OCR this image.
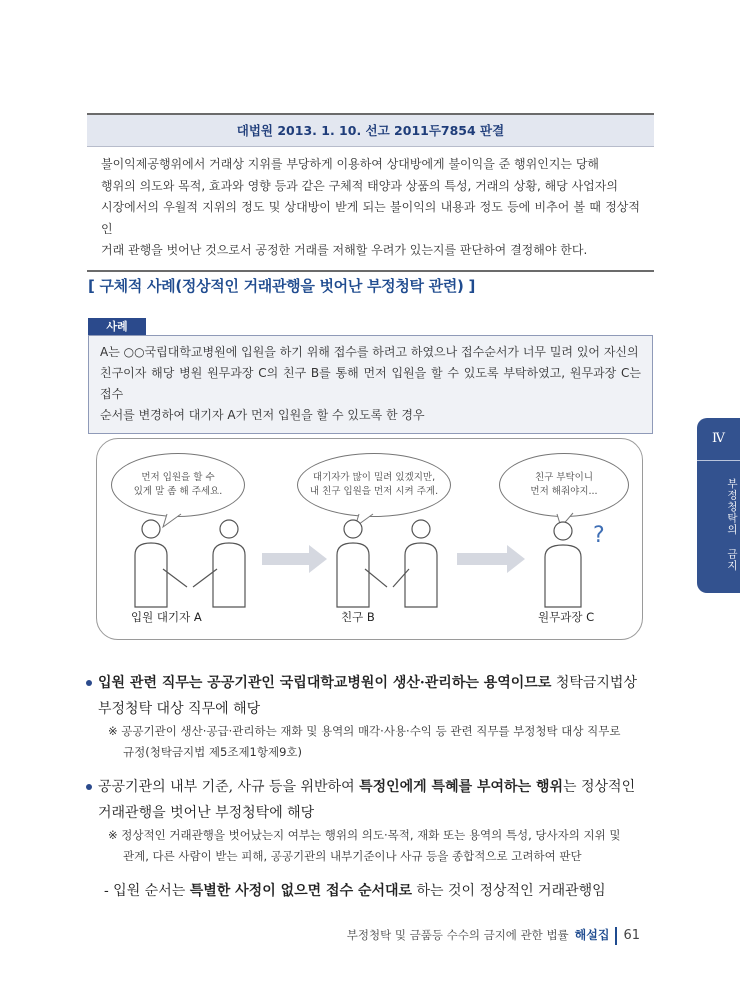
대법원 2013. 1. 10. 선고 2011두7854 판결
불이익제공행위에서 거래상 지위를 부당하게 이용하여 상대방에게 불이익을 준 행위인지는 당해
행위의 의도와 목적, 효과와 영향 등과 같은 구체적 태양과 상품의 특성, 거래의 상황, 해당 사업자의
시장에서의 우월적 지위의 정도 및 상대방이 받게 되는 불이익의 내용과 정도 등에 비추어 볼 때 정상적인
거래 관행을 벗어난 것으로서 공정한 거래를 저해할 우려가 있는지를 판단하여 결정해야 한다.
[ 구체적 사례(정상적인 거래관행을 벗어난 부정청탁 관련) ]
사례
A는 ○○국립대학교병원에 입원을 하기 위해 접수를 하려고 하였으나 접수순서가 너무 밀려 있어 자신의
친구이자 해당 병원 원무과장 C의 친구 B를 통해 먼저 입원을 할 수 있도록 부탁하였고, 원무과장 C는 접수
순서를 변경하여 대기자 A가 먼저 입원을 할 수 있도록 한 경우
먼저 입원을 할 수
있게 말 좀 해 주세요.
대기자가 많이 밀려 있겠지만,
내 친구 입원을 먼저 시켜 주게.
친구 부탁이니
먼저 해줘야지...
?
입원 대기자 A	친구 B	원무과장 C
Ⅳ
부정청탁의 금지
입원 관련 직무는 공공기관인 국립대학교병원이 생산·관리하는 용역이므로 청탁금지법상
부정청탁 대상 직무에 해당
※ 공공기관이 생산·공급·관리하는 재화 및 용역의 매각·사용·수익 등 관련 직무를 부정청탁 대상 직무로
규정(청탁금지법 제5조제1항제9호)
공공기관의 내부 기준, 사규 등을 위반하여 특정인에게 특혜를 부여하는 행위는 정상적인
거래관행을 벗어난 부정청탁에 해당
※ 정상적인 거래관행을 벗어났는지 여부는 행위의 의도·목적, 재화 또는 용역의 특성, 당사자의 지위 및
관계, 다른 사람이 받는 피해, 공공기관의 내부기준이나 사규 등을 종합적으로 고려하여 판단
- 입원 순서는 특별한 사정이 없으면 접수 순서대로 하는 것이 정상적인 거래관행임
부정청탁 및 금품등 수수의 금지에 관한 법률 해설집 61
